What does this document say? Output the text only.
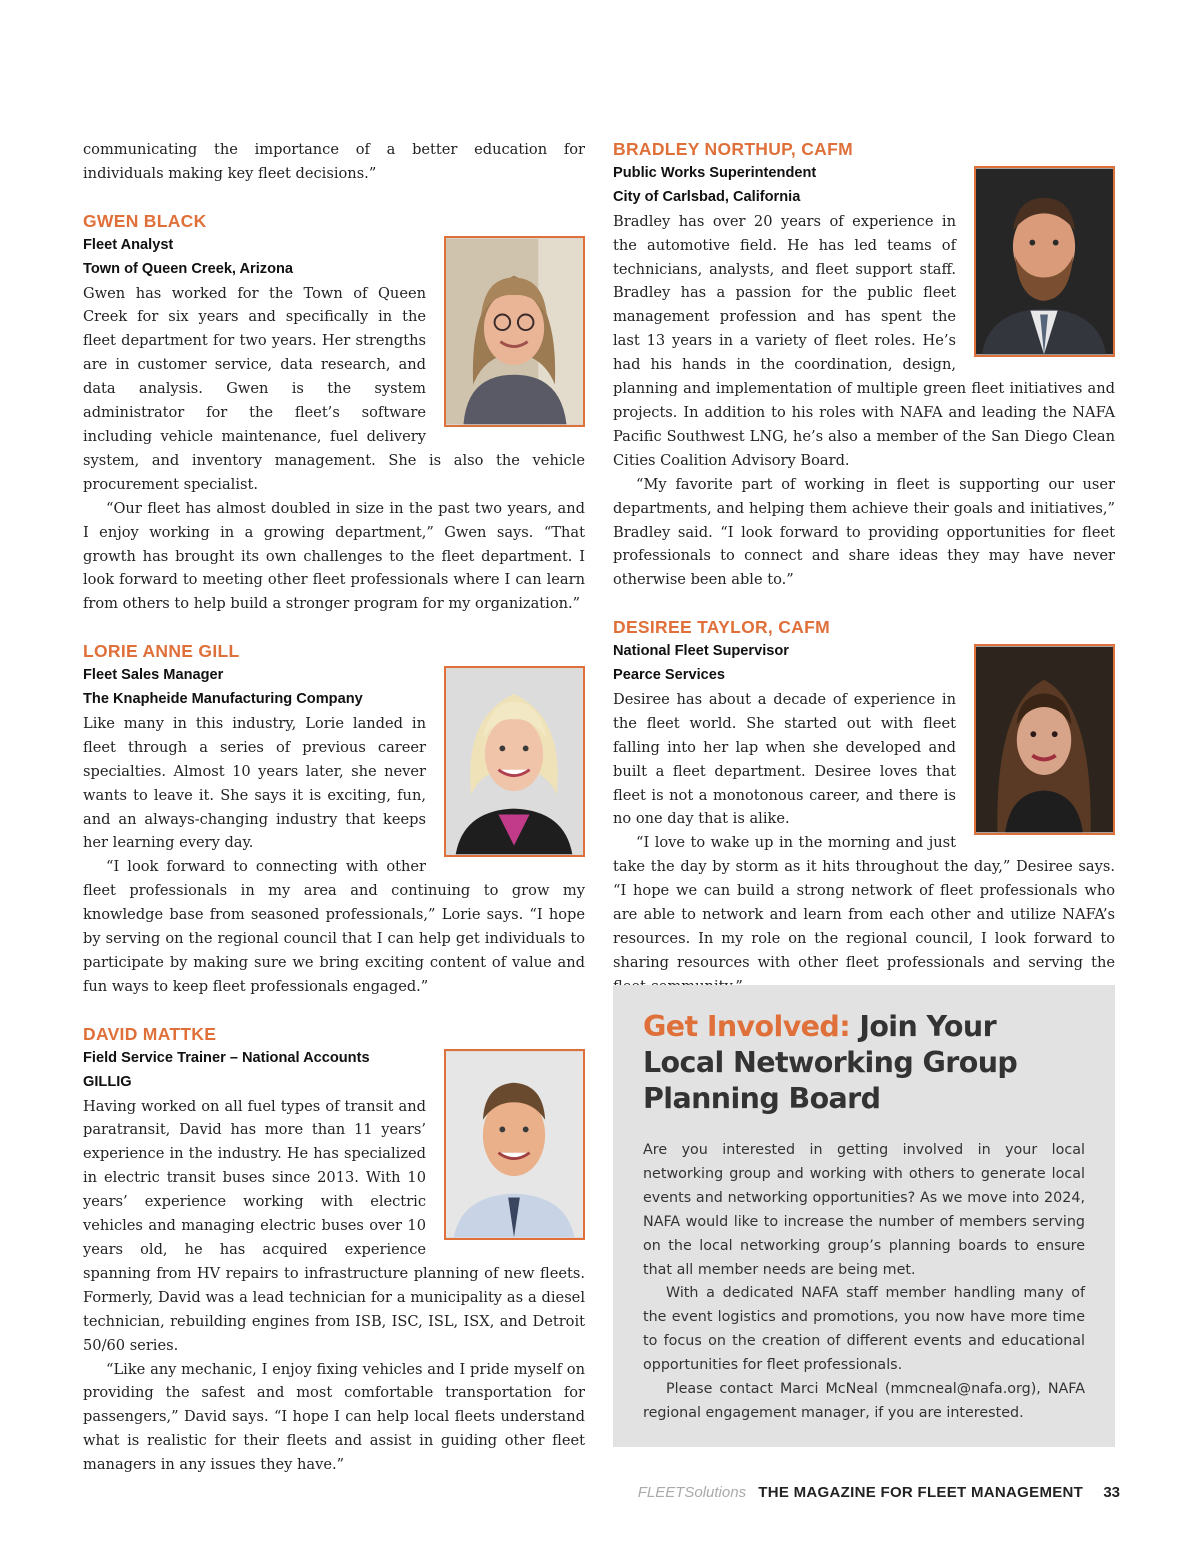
communicating the importance of a better education for individuals making key fleet decisions.”

GWEN BLACK

Fleet Analyst

Town of Queen Creek, Arizona

Gwen has worked for the Town of Queen Creek for six years and specifically in the fleet department for two years. Her strengths are in customer service, data research, and data analysis. Gwen is the system administrator for the fleet’s software including vehicle maintenance, fuel delivery system, and inventory management. She is also the vehicle procurement specialist.

“Our fleet has almost doubled in size in the past two years, and I enjoy working in a growing department,” Gwen says. “That growth has brought its own challenges to the fleet department. I look forward to meeting other fleet professionals where I can learn from others to help build a stronger program for my organization.”

LORIE ANNE GILL

Fleet Sales Manager

The Knapheide Manufacturing Company

Like many in this industry, Lorie landed in fleet through a series of previous career specialties. Almost 10 years later, she never wants to leave it. She says it is exciting, fun, and an always-changing industry that keeps her learning every day.

“I look forward to connecting with other fleet professionals in my area and continuing to grow my knowledge base from seasoned professionals,” Lorie says. “I hope by serving on the regional council that I can help get individuals to participate by making sure we bring exciting content of value and fun ways to keep fleet professionals engaged.”

DAVID MATTKE

Field Service Trainer – National Accounts

GILLIG

Having worked on all fuel types of transit and paratransit, David has more than 11 years’ experience in the industry. He has specialized in electric transit buses since 2013. With 10 years’ experience working with electric vehicles and managing electric buses over 10 years old, he has acquired experience spanning from HV repairs to infrastructure planning of new fleets. Formerly, David was a lead technician for a municipality as a diesel technician, rebuilding engines from ISB, ISC, ISL, ISX, and Detroit 50/60 series.

“Like any mechanic, I enjoy fixing vehicles and I pride myself on providing the safest and most comfortable transportation for passengers,” David says. “I hope I can help local fleets understand what is realistic for their fleets and assist in guiding other fleet managers in any issues they have.”

BRADLEY NORTHUP, CAFM

Public Works Superintendent

City of Carlsbad, California

Bradley has over 20 years of experience in the automotive field. He has led teams of technicians, analysts, and fleet support staff. Bradley has a passion for the public fleet management profession and has spent the last 13 years in a variety of fleet roles. He’s had his hands in the coordination, design, planning and implementation of multiple green fleet initiatives and projects. In addition to his roles with NAFA and leading the NAFA Pacific Southwest LNG, he’s also a member of the San Diego Clean Cities Coalition Advisory Board.

“My favorite part of working in fleet is supporting our user departments, and helping them achieve their goals and initiatives,” Bradley said. “I look forward to providing opportunities for fleet professionals to connect and share ideas they may have never otherwise been able to.”

DESIREE TAYLOR, CAFM

National Fleet Supervisor

Pearce Services

Desiree has about a decade of experience in the fleet world. She started out with fleet falling into her lap when she developed and built a fleet department. Desiree loves that fleet is not a monotonous career, and there is no one day that is alike.

“I love to wake up in the morning and just take the day by storm as it hits throughout the day,” Desiree says. “I hope we can build a strong network of fleet professionals who are able to network and learn from each other and utilize NAFA’s resources. In my role on the regional council, I look forward to sharing resources with other fleet professionals and serving the

Get Involved: Join Your Local Networking Group Planning Board

Are you interested in getting involved in your local networking group and working with others to generate local events and networking opportunities? As we move into 2024, NAFA would like to increase the number of members serving on the local networking group’s planning boards to ensure that all member needs are being met.

With a dedicated NAFA staff member handling many of the event logistics and promotions, you now have more time to focus on the creation of different events and educational opportunities for fleet professionals.

Please contact Marci McNeal (mmcneal@nafa.org), NAFA regional engagement manager, if you are interested.

FLEETSolutions THE MAGAZINE FOR FLEET MANAGEMENT 33
